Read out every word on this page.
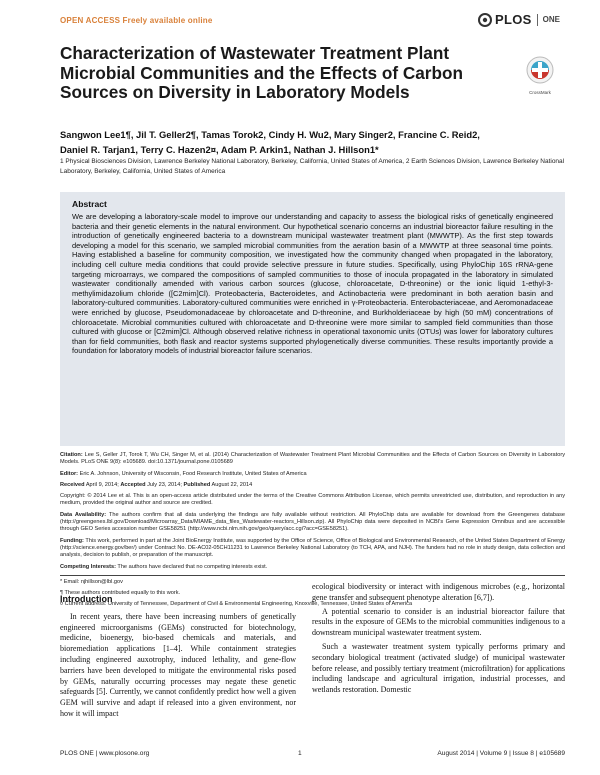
OPEN ACCESS Freely available online	PLOS ONE
Characterization of Wastewater Treatment Plant Microbial Communities and the Effects of Carbon Sources on Diversity in Laboratory Models	CrossMark
Sangwon Lee1¶, Jil T. Geller2¶, Tamas Torok2, Cindy H. Wu2, Mary Singer2, Francine C. Reid2,
Daniel R. Tarjan1, Terry C. Hazen2¤, Adam P. Arkin1, Nathan J. Hillson1*
1 Physical Biosciences Division, Lawrence Berkeley National Laboratory, Berkeley, California, United States of America, 2 Earth Sciences Division, Lawrence Berkeley National Laboratory, Berkeley, California, United States of America
Abstract

We are developing a laboratory-scale model to improve our understanding and capacity to assess the biological risks of genetically engineered bacteria and their genetic elements in the natural environment. Our hypothetical scenario concerns an industrial bioreactor failure resulting in the introduction of genetically engineered bacteria to a downstream municipal wastewater treatment plant (MWWTP). As the first step towards developing a model for this scenario, we sampled microbial communities from the aeration basin of a MWWTP at three seasonal time points. Having established a baseline for community composition, we investigated how the community changed when propagated in the laboratory, including cell culture media conditions that could provide selective pressure in future studies. Specifically, using PhyloChip 16S rRNA-gene targeting microarrays, we compared the compositions of sampled communities to those of inocula propagated in the laboratory in simulated wastewater conditionally amended with various carbon sources (glucose, chloroacetate, D-threonine) or the ionic liquid 1-ethyl-3-methylimidazolium chloride ([C2mim]Cl). Proteobacteria, Bacteroidetes, and Actinobacteria were predominant in both aeration basin and laboratory-cultured communities. Laboratory-cultured communities were enriched in γ-Proteobacteria. Enterobacteriaceae, and Aeromonadaceae were enriched by glucose, Pseudomonadaceae by chloroacetate and D-threonine, and Burkholderiaceae by high (50 mM) concentrations of chloroacetate. Microbial communities cultured with chloroacetate and D-threonine were more similar to sampled field communities than those cultured with glucose or [C2mim]Cl. Although observed relative richness in operational taxonomic units (OTUs) was lower for laboratory cultures than for field communities, both flask and reactor systems supported phylogenetically diverse communities. These results importantly provide a foundation for laboratory models of industrial bioreactor failure scenarios.

Citation: Lee S, Geller JT, Torok T, Wu CH, Singer M, et al. (2014) Characterization of Wastewater Treatment Plant Microbial Communities and the Effects of Carbon Sources on Diversity in Laboratory Models. PLoS ONE 9(8): e105689. doi:10.1371/journal.pone.0105689
Editor: Eric A. Johnson, University of Wisconsin, Food Research Institute, United States of America
Received April 9, 2014; Accepted July 23, 2014; Published August 22, 2014
Copyright: © 2014 Lee et al. This is an open-access article distributed under the terms of the Creative Commons Attribution License, which permits unrestricted use, distribution, and reproduction in any medium, provided the original author and source are credited.
Data Availability: The authors confirm that all data underlying the findings are fully available without restriction. All PhyloChip data are available for download from the Greengenes database (http://greengenes.lbl.gov/Download/Microarray_Data/MIAME_data_files_Wastewater-reactors_Hillson.zip). All PhyloChip data were deposited in NCBI's Gene Expression Omnibus and are accessible through GEO Series accession number GSE58251 (http://www.ncbi.nlm.nih.gov/geo/query/acc.cgi?acc=GSE58251).
Funding: This work, performed in part at the Joint BioEnergy Institute, was supported by the Office of Science, Office of Biological and Environmental Research, of the United States Department of Energy (http://science.energy.gov/ber/) under Contract No. DE-AC02-05CH11231 to Lawrence Berkeley National Laboratory (to TCH, APA, and NJH). The funders had no role in study design, data collection and analysis, decision to publish, or preparation of the manuscript.
Competing Interests: The authors have declared that no competing interests exist.
* Email: njhillson@lbl.gov
¶ These authors contributed equally to this work.
¤ Current address: University of Tennessee, Department of Civil & Environmental Engineering, Knoxville, Tennessee, United States of America
Introduction

In recent years, there have been increasing numbers of genetically engineered microorganisms (GEMs) constructed for biotechnology, medicine, bioenergy, bio-based chemicals and materials, and bioremediation applications [1–4]. While containment strategies including engineered auxotrophy, induced lethality, and gene-flow barriers have been developed to mitigate the environmental risks posed by GEMs, naturally occurring processes may negate these genetic safeguards [5]. Currently, we cannot confidently predict how well a given GEM will survive and adapt if released into a given environment, nor how it will impact

ecological biodiversity or interact with indigenous microbes (e.g., horizontal gene transfer and subsequent phenotype alteration [6,7]).

A potential scenario to consider is an industrial bioreactor failure that results in the exposure of GEMs to the microbial communities indigenous to a downstream municipal wastewater treatment system.

Such a wastewater treatment system typically performs primary and secondary biological treatment (activated sludge) of municipal wastewater before release, and possibly tertiary treatment (microfiltration) for applications including landscape and agricultural irrigation, industrial processes, and wetlands restoration. Domestic

PLOS ONE | www.plosone.org	1	August 2014 | Volume 9 | Issue 8 | e105689
